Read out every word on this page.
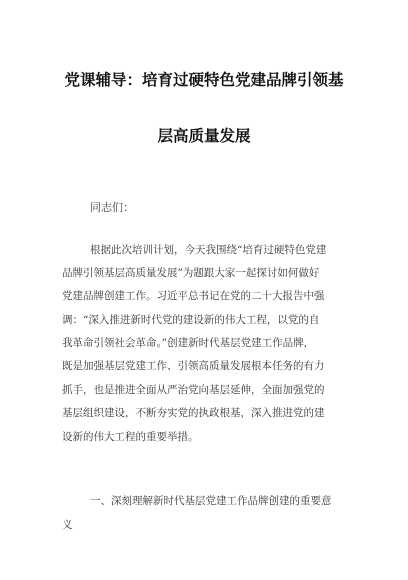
党课辅导：培育过硬特色党建品牌引领基
层高质量发展
同志们：
根据此次培训计划，今天我围绕“培育过硬特色党建
品牌引领基层高质量发展”为题跟大家一起探讨如何做好
党建品牌创建工作。习近平总书记在党的二十大报告中强
调：“深入推进新时代党的建设新的伟大工程，以党的自
我革命引领社会革命。”创建新时代基层党建工作品牌，
既是加强基层党建工作、引领高质量发展根本任务的有力
抓手，也是推进全面从严治党向基层延伸，全面加强党的
基层组织建设，不断夯实党的执政根基，深入推进党的建
设新的伟大工程的重要举措。
一、深刻理解新时代基层党建工作品牌创建的重要意
义
